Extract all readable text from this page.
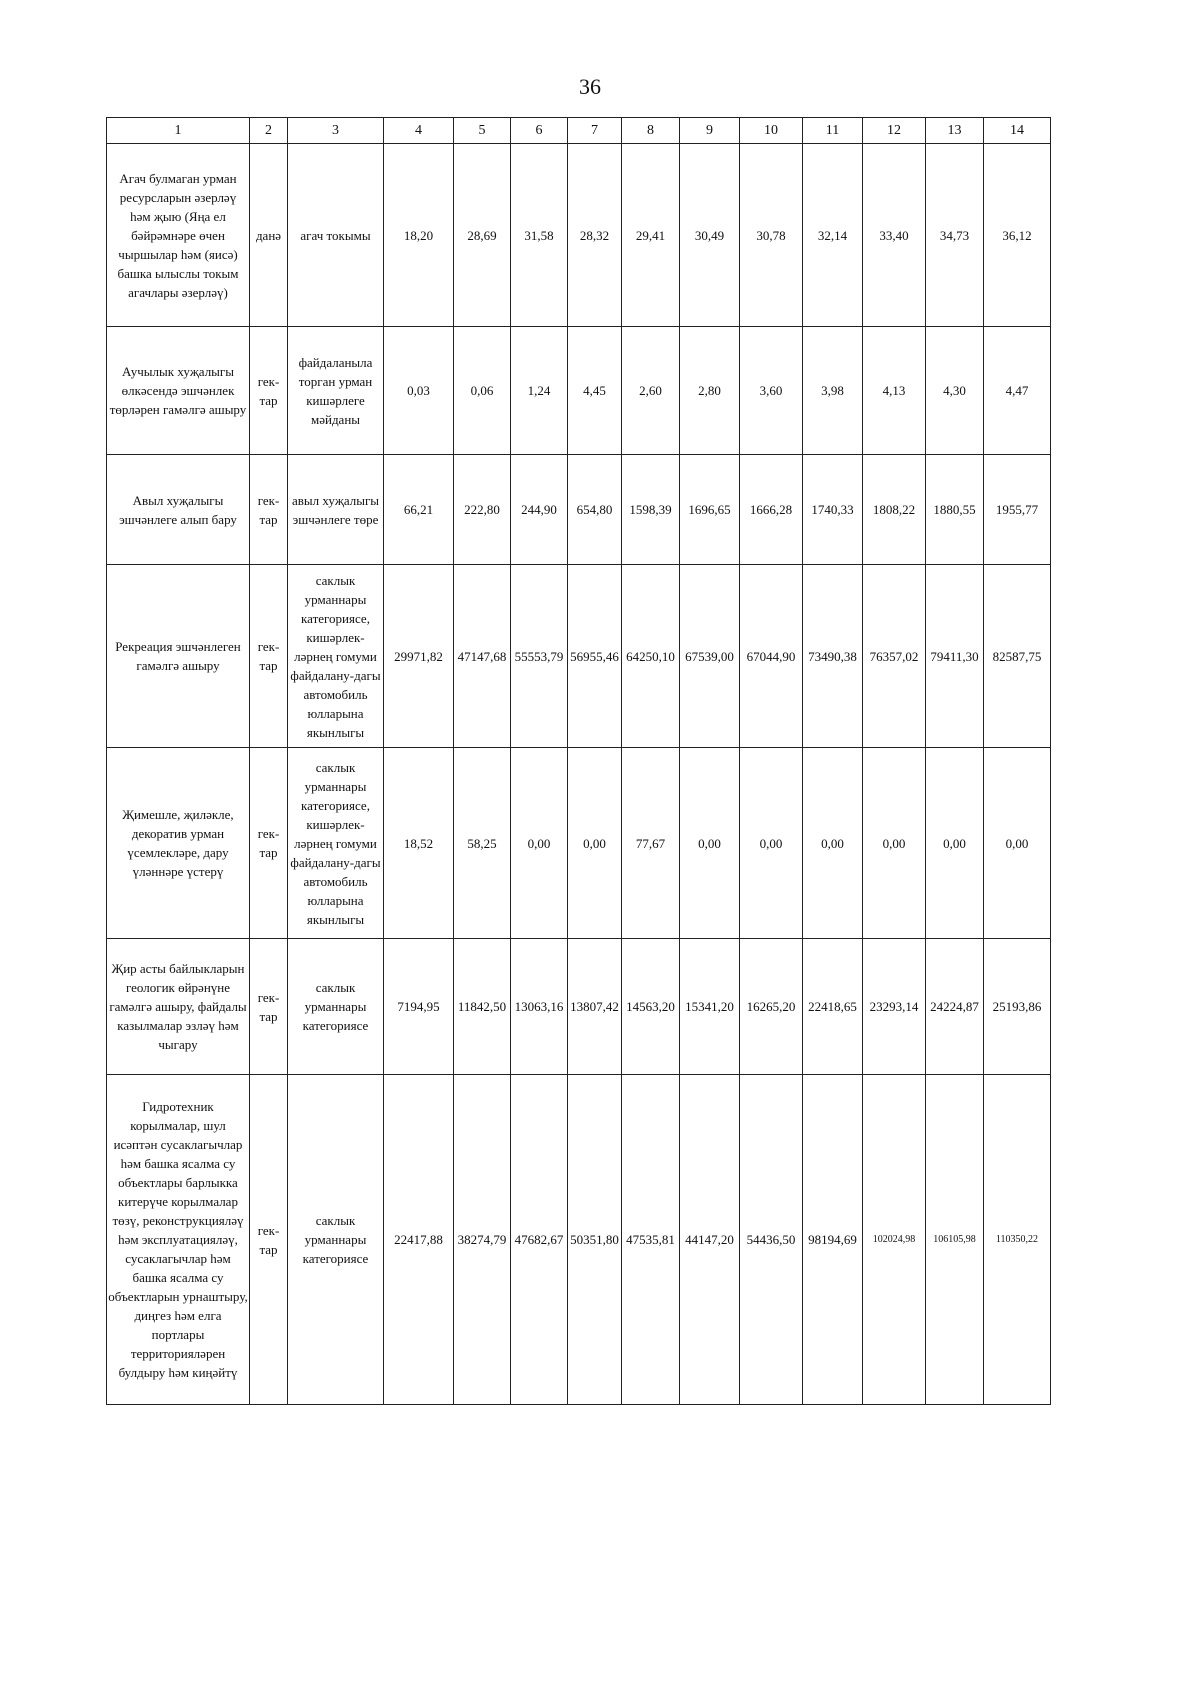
36
1	2	3	4	5	6	7	8	9	10	11	12	13	14
Агач булмаган урман ресурсларын әзерләү һәм җыю (Яңа ел бәйрәмнәре өчен чыршылар һәм (яисә) башка ылыслы токым агачлары әзерләү)	данә	агач токымы	18,20	28,69	31,58	28,32	29,41	30,49	30,78	32,14	33,40	34,73	36,12
Аучылык хуҗалыгы өлкәсендә эшчәнлек төрләрен гамәлгә ашыру	гек-тар	файдаланыла торган урман кишәрлеге мәйданы	0,03	0,06	1,24	4,45	2,60	2,80	3,60	3,98	4,13	4,30	4,47
Авыл хуҗалыгы эшчәнлеге алып бару	гек-тар	авыл хуҗалыгы эшчәнлеге төре	66,21	222,80	244,90	654,80	1598,39	1696,65	1666,28	1740,33	1808,22	1880,55	1955,77
Рекреация эшчәнлеген гамәлгә ашыру	гек-тар	саклык урманнары категориясе, кишәрлек-ләрнең гомуми файдалану-дагы автомобиль юлларына якынлыгы	29971,82	47147,68	55553,79	56955,46	64250,10	67539,00	67044,90	73490,38	76357,02	79411,30	82587,75
Җимешле, җиләкле, декоратив урман үсемлекләре, дару үләннәре үстерү	гек-тар	саклык урманнары категориясе, кишәрлек-ләрнең гомуми файдалану-дагы автомобиль юлларына якынлыгы	18,52	58,25	0,00	0,00	77,67	0,00	0,00	0,00	0,00	0,00	0,00
Җир асты байлыкларын геологик өйрәнүне гамәлгә ашыру, файдалы казылмалар эзләү һәм чыгару	гек-тар	саклык урманнары категориясе	7194,95	11842,50	13063,16	13807,42	14563,20	15341,20	16265,20	22418,65	23293,14	24224,87	25193,86
Гидротехник корылмалар, шул исәптән сусаклагычлар һәм башка ясалма су объектлары барлыкка китерүче корылмалар төзү, реконструкцияләү һәм эксплуатацияләү, сусаклагычлар һәм башка ясалма су объектларын урнаштыру, диңгез һәм елга портлары территорияләрен булдыру һәм киңәйтү	гек-тар	саклык урманнары категориясе	22417,88	38274,79	47682,67	50351,80	47535,81	44147,20	54436,50	98194,69	102024,98	106105,98	110350,22
